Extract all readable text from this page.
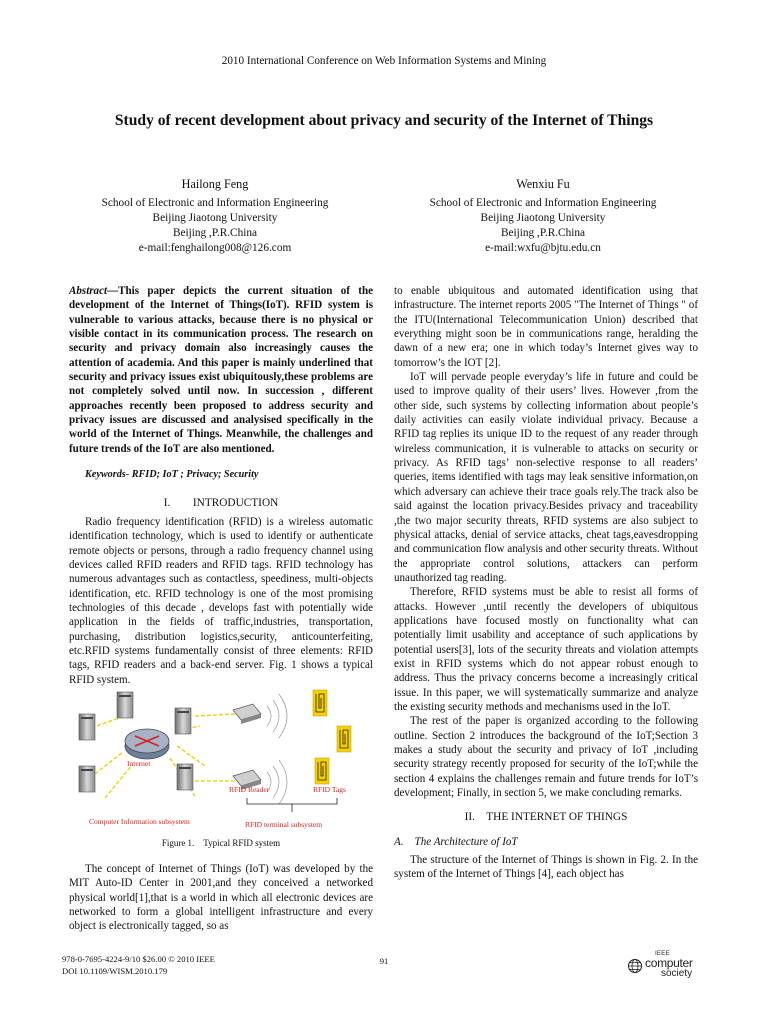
2010 International Conference on Web Information Systems and Mining
Study of recent development about privacy and security of the Internet of Things
Hailong Feng
School of Electronic and Information Engineering
Beijing Jiaotong University
Beijing ,P.R.China
e-mail:fenghailong008@126.com
Wenxiu Fu
School of Electronic and Information Engineering
Beijing Jiaotong University
Beijing ,P.R.China
e-mail:wxfu@bjtu.edu.cn

Abstract—This paper depicts the current situation of the development of the Internet of Things(IoT). RFID system is vulnerable to various attacks, because there is no physical or visible contact in its communication process. The research on security and privacy domain also increasingly causes the attention of academia. And this paper is mainly underlined that security and privacy issues exist ubiquitously,these problems are not completely solved until now. In succession , different approaches recently been proposed to address security and privacy issues are discussed and analysised specifically in the world of the Internet of Things. Meanwhile, the challenges and future trends of the IoT are also mentioned.

Keywords- RFID; IoT ; Privacy; Security

I.  INTRODUCTION

Radio frequency identification (RFID) is a wireless automatic identification technology, which is used to identify or authenticate remote objects or persons, through a radio frequency channel using devices called RFID readers and RFID tags. RFID technology has numerous advantages such as contactless, speediness, multi-objects identification, etc. RFID technology is one of the most promising technologies of this decade , develops fast with potentially wide application in the fields of traffic,industries, transportation, purchasing, distribution logistics,security, anticounterfeiting, etc.RFID systems fundamentally consist of three elements: RFID tags, RFID readers and a back-end server. Fig. 1 shows a typical RFID system.

Internet
RFID Reader	RFID Tags
Computer Information subsystem	RFID terminal subsystem
Figure 1. Typical RFID system

The concept of Internet of Things (IoT) was developed by the MIT Auto-ID Center in 2001,and they conceived a networked physical world[1],that is a world in which all electronic devices are networked to form a global intelligent infrastructure and every object is electronically tagged, so as

to enable ubiquitous and automated identification using that infrastructure. The internet reports 2005 "The Internet of Things " of the ITU(International Telecommunication Union) described that everything might soon be in communications range, heralding the dawn of a new era; one in which today’s Internet gives way to tomorrow’s the IOT [2].

IoT will pervade people everyday’s life in future and could be used to improve quality of their users’ lives. However ,from the other side, such systems by collecting information about people’s daily activities can easily violate individual privacy. Because a RFID tag replies its unique ID to the request of any reader through wireless communication, it is vulnerable to attacks on security or privacy. As RFID tags’ non-selective response to all readers’ queries, items identified with tags may leak sensitive information,on which adversary can achieve their trace goals rely.The track also be said against the location privacy.Besides privacy and traceability ,the two major security threats, RFID systems are also subject to physical attacks, denial of service attacks, cheat tags,eavesdropping and communication flow analysis and other security threats. Without the appropriate control solutions, attackers can perform unauthorized tag reading.

Therefore, RFID systems must be able to resist all forms of attacks. However ,until recently the developers of ubiquitous applications have focused mostly on functionality what can potentially limit usability and acceptance of such applications by potential users[3], lots of the security threats and violation attempts exist in RFID systems which do not appear robust enough to address. Thus the privacy concerns become a increasingly critical issue. In this paper, we will systematically summarize and analyze the existing security methods and mechanisms used in the IoT.

The rest of the paper is organized according to the following outline. Section 2 introduces the background of the IoT;Section 3 makes a study about the security and privacy of IoT ,including security strategy recently proposed for security of the IoT;while the section 4 explains the challenges remain and future trends for IoT’s development; Finally, in section 5, we make concluding remarks.

II. THE INTERNET OF THINGS

A. The Architecture of IoT

The structure of the Internet of Things is shown in Fig. 2. In the system of the Internet of Things [4], each object has

978-0-7695-4224-9/10 $26.00 © 2010 IEEE
DOI 10.1109/WISM.2010.179
91
IEEE
computer
society
